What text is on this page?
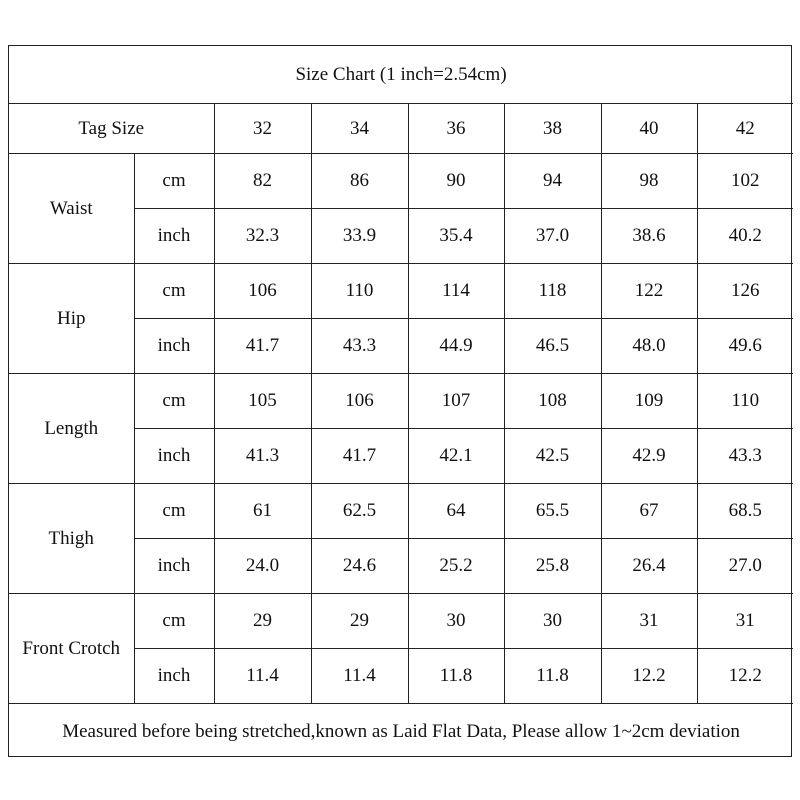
Size Chart (1 inch=2.54cm)							
Tag Size		32	34	36	38	40	42
Waist	cm	82	86	90	94	98	102
	inch	32.3	33.9	35.4	37.0	38.6	40.2
Hip	cm	106	110	114	118	122	126
	inch	41.7	43.3	44.9	46.5	48.0	49.6
Length	cm	105	106	107	108	109	110
	inch	41.3	41.7	42.1	42.5	42.9	43.3
Thigh	cm	61	62.5	64	65.5	67	68.5
	inch	24.0	24.6	25.2	25.8	26.4	27.0
Front Crotch	cm	29	29	30	30	31	31
	inch	11.4	11.4	11.8	11.8	12.2	12.2
Measured before being stretched,known as Laid Flat Data, Please allow 1~2cm deviation							
